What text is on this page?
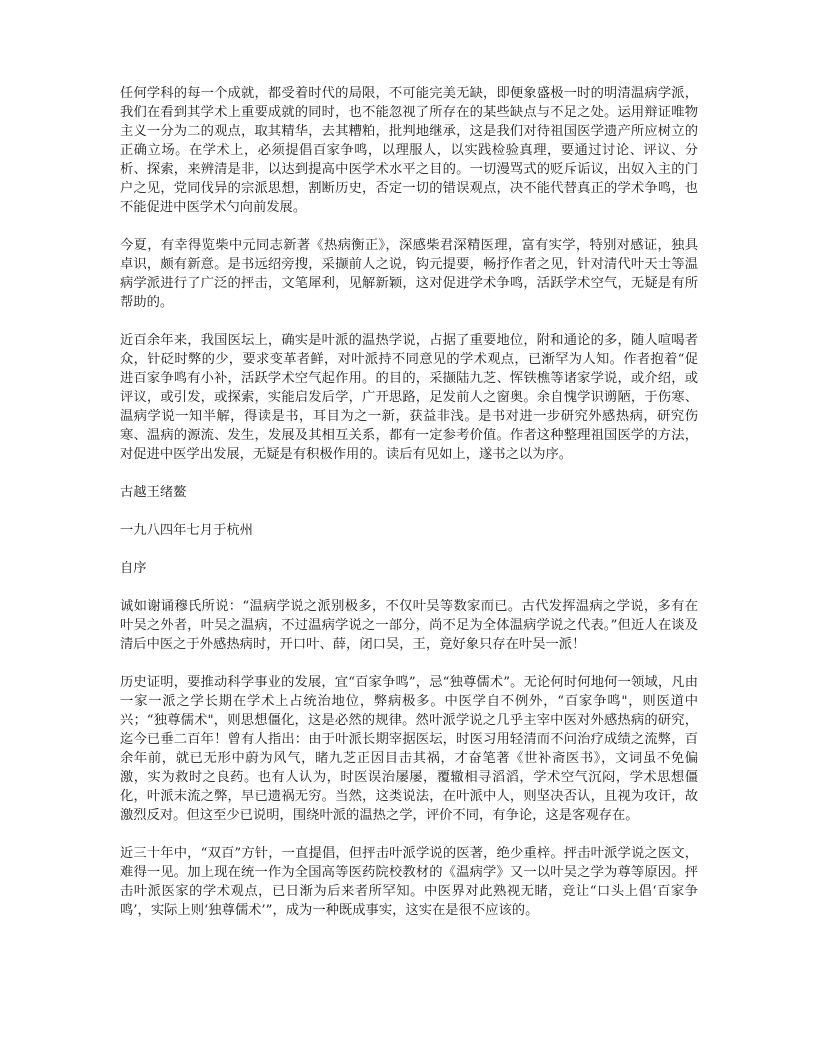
任何学科的每一个成就，都受着时代的局限，不可能完美无缺，即便象盛极一时的明清温病学派，我们在看到其学术上重要成就的同时，也不能忽视了所存在的某些缺点与不足之处。运用辩证唯物主义一分为二的观点，取其精华，去其糟粕，批判地继承，这是我们对待祖国医学遗产所应树立的正确立场。在学术上，必须提倡百家争鸣，以理服人，以实践检验真理，要通过讨论、评议、分析、探索，来辨清是非，以达到提高中医学术水平之目的。一切漫骂式的贬斥诟议，出奴入主的门户之见，党同伐异的宗派思想，割断历史，否定一切的错误观点，决不能代替真正的学术争鸣，也不能促进中医学术勺向前发展。

今夏，有幸得览柴中元同志新著《热病衡正》，深感柴君深精医理，富有实学，特别对感证，独具卓识，颇有新意。是书远绍旁搜，采撷前人之说，钩元提要，畅抒作者之见，针对清代叶天士等温病学派进行了广泛的抨击，文笔犀利，见解新颖，这对促进学术争鸣，活跃学术空气，无疑是有所帮助的。

近百余年来，我国医坛上，确实是叶派的温热学说，占据了重要地位，附和通论的多，随人喧喝者众，针砭时弊的少，要求变革者鲜，对叶派持不同意见的学术观点，已渐罕为人知。作者抱着“促进百家争鸣有小补，活跃学术空气起作用。的目的，采撷陆九芝、恽铁樵等诸家学说，或介绍，或评议，或引发，或探索，实能启发后学，广开思路，足发前人之窗奥。余自愧学识谫陋，于伤寒、温病学说一知半解，得读是书，耳目为之一新，获益非浅。是书对进一步研究外感热病，研究伤寒、温病的源流、发生，发展及其相互关系，都有一定参考价值。作者这种整理祖国医学的方法，对促进中医学出发展，无疑是有积极作用的。读后有见如上，遂书之以为序。

古越王绪鳌

一九八四年七月于杭州

自序

诚如谢诵穆氏所说：“温病学说之派别极多，不仅叶吴等数家而已。古代发挥温病之学说，多有在叶吴之外者，叶吴之温病，不过温病学说之一部分，尚不足为全体温病学说之代表。”但近人在谈及清后中医之于外感热病时，开口叶、薛，闭口吴，王，竟好象只存在叶吴一派！

历史证明，要推动科学事业的发展，宜“百家争鸣”，忌“独尊儒术”。无论何时何地何一领域，凡由一家一派之学长期在学术上占统治地位，弊病极多。中医学自不例外，“百家争鸣"，则医道中兴；“独尊儒术"，则思想僵化，这是必然的规律。然叶派学说之几乎主宰中医对外感热病的研究，迄今已垂二百年！曾有人指出：由于叶派长期宰据医坛，时医习用轻清而不问治疗成绩之流弊，百余年前，就已无形中蔚为风气，睹九芝正因目击其祸，才奋笔著《世补斋医书》，文词虽不免偏激，实为救时之良药。也有人认为，时医误治屡屡，覆辙相寻滔滔，学术空气沉闷，学术思想僵化，叶派末流之弊，早已遗祸无穷。当然，这类说法，在叶派中人，则坚决否认，且视为攻讦，故激烈反对。但这至少已说明，围绕叶派的温热之学，评价不同，有争论，这是客观存在。

近三十年中，“双百”方针，一直提倡，但抨击叶派学说的医著，绝少重梓。抨击叶派学说之医文，难得一见。加上现在统一作为全国高等医药院校教材的《温病学》又一以叶吴之学为尊等原因。抨击叶派医家的学术观点，已日渐为后来者所罕知。中医界对此熟视无睹，竞让“口头上倡‘百家争鸣’，实际上则‘独尊儒术’”，成为一种既成事实，这实在是很不应该的。
